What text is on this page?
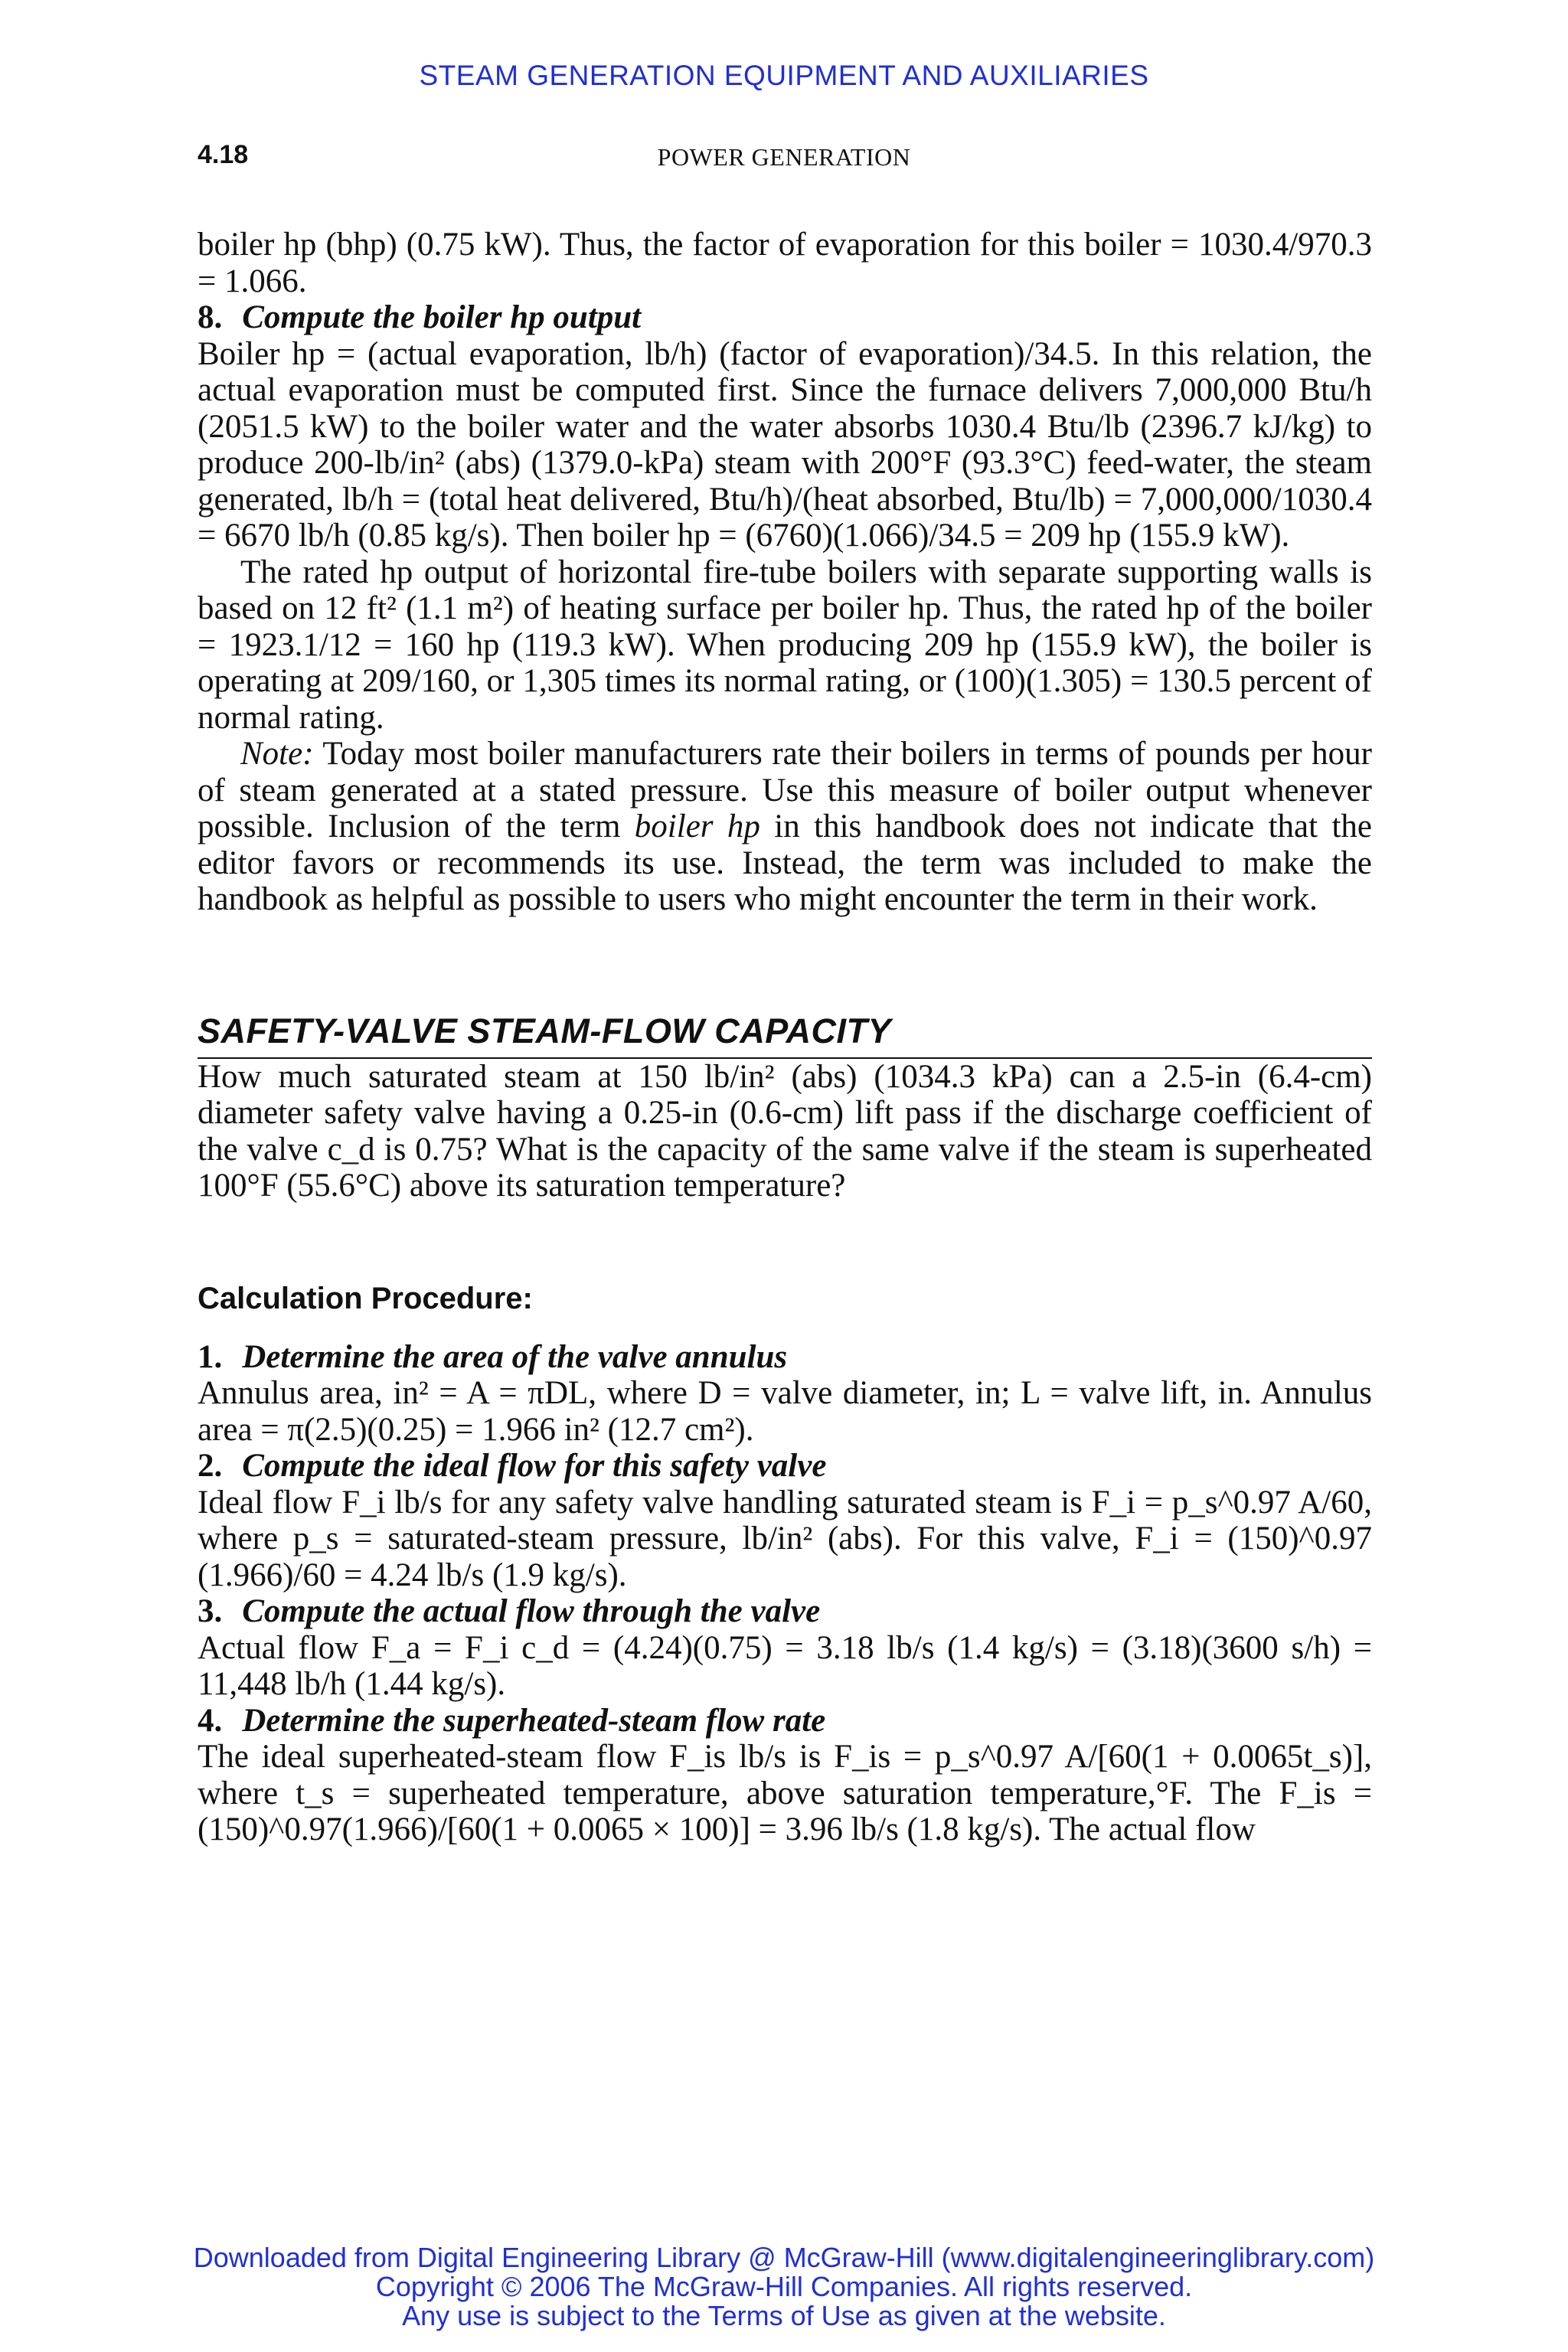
STEAM GENERATION EQUIPMENT AND AUXILIARIES
4.18	POWER GENERATION

boiler hp (bhp) (0.75 kW). Thus, the factor of evaporation for this boiler = 1030.4/970.3 = 1.066.

8. Compute the boiler hp output

Boiler hp = (actual evaporation, lb/h) (factor of evaporation)/34.5. In this relation, the actual evaporation must be computed first. Since the furnace delivers 7,000,000 Btu/h (2051.5 kW) to the boiler water and the water absorbs 1030.4 Btu/lb (2396.7 kJ/kg) to produce 200-lb/in² (abs) (1379.0-kPa) steam with 200°F (93.3°C) feed-water, the steam generated, lb/h = (total heat delivered, Btu/h)/(heat absorbed, Btu/lb) = 7,000,000/1030.4 = 6670 lb/h (0.85 kg/s). Then boiler hp = (6760)(1.066)/34.5 = 209 hp (155.9 kW).

The rated hp output of horizontal fire-tube boilers with separate supporting walls is based on 12 ft² (1.1 m²) of heating surface per boiler hp. Thus, the rated hp of the boiler = 1923.1/12 = 160 hp (119.3 kW). When producing 209 hp (155.9 kW), the boiler is operating at 209/160, or 1,305 times its normal rating, or (100)(1.305) = 130.5 percent of normal rating.

Note: Today most boiler manufacturers rate their boilers in terms of pounds per hour of steam generated at a stated pressure. Use this measure of boiler output whenever possible. Inclusion of the term boiler hp in this handbook does not indicate that the editor favors or recommends its use. Instead, the term was included to make the handbook as helpful as possible to users who might encounter the term in their work.

SAFETY-VALVE STEAM-FLOW CAPACITY

How much saturated steam at 150 lb/in² (abs) (1034.3 kPa) can a 2.5-in (6.4-cm) diameter safety valve having a 0.25-in (0.6-cm) lift pass if the discharge coefficient of the valve c_d is 0.75? What is the capacity of the same valve if the steam is superheated 100°F (55.6°C) above its saturation temperature?

Calculation Procedure:

1. Determine the area of the valve annulus

Annulus area, in² = A = πDL, where D = valve diameter, in; L = valve lift, in. Annulus area = π(2.5)(0.25) = 1.966 in² (12.7 cm²).

2. Compute the ideal flow for this safety valve

Ideal flow F_i lb/s for any safety valve handling saturated steam is F_i = p_s^0.97 A/60, where p_s = saturated-steam pressure, lb/in² (abs). For this valve, F_i = (150)^0.97 (1.966)/60 = 4.24 lb/s (1.9 kg/s).

3. Compute the actual flow through the valve

Actual flow F_a = F_i c_d = (4.24)(0.75) = 3.18 lb/s (1.4 kg/s) = (3.18)(3600 s/h) = 11,448 lb/h (1.44 kg/s).

4. Determine the superheated-steam flow rate

The ideal superheated-steam flow F_is lb/s is F_is = p_s^0.97 A/[60(1 + 0.0065t_s)], where t_s = superheated temperature, above saturation temperature,°F. The F_is = (150)^0.97(1.966)/[60(1 + 0.0065 × 100)] = 3.96 lb/s (1.8 kg/s). The actual flow

Downloaded from Digital Engineering Library @ McGraw-Hill (www.digitalengineeringlibrary.com)
Copyright © 2006 The McGraw-Hill Companies. All rights reserved.
Any use is subject to the Terms of Use as given at the website.
